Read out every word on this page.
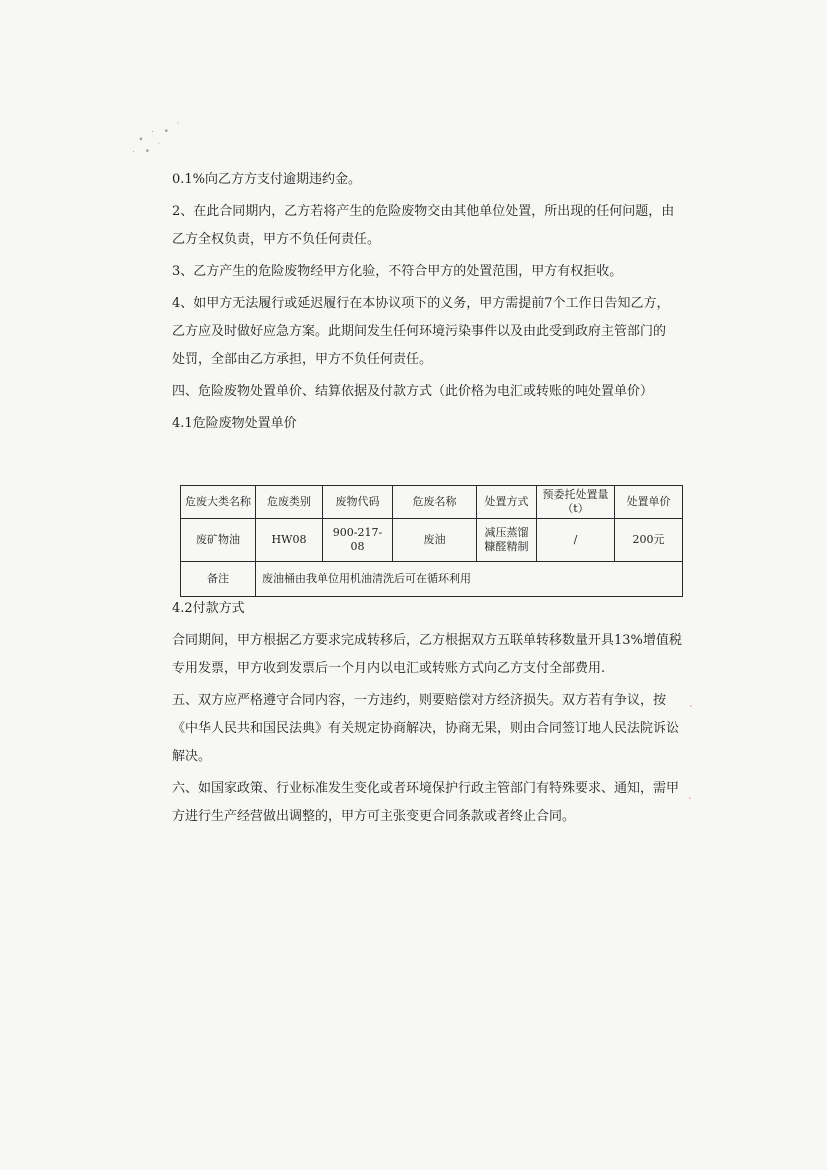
∙ ˙ ∙ ˙
˙ ∙ ˙

0.1%向乙方方支付逾期违约金。

2、在此合同期内，乙方若将产生的危险废物交由其他单位处置，所出现的任何问题，由乙方全权负责，甲方不负任何责任。

3、乙方产生的危险废物经甲方化验，不符合甲方的处置范围，甲方有权拒收。

4、如甲方无法履行或延迟履行在本协议项下的义务，甲方需提前7个工作日告知乙方，乙方应及时做好应急方案。此期间发生任何环境污染事件以及由此受到政府主管部门的处罚，全部由乙方承担，甲方不负任何责任。

四、危险废物处置单价、结算依据及付款方式（此价格为电汇或转账的吨处置单价）

4.1危险废物处置单价

危废大类名称	危废类别	废物代码	危废名称	处置方式	预委托处置量（t）	处置单价
废矿物油	HW08	900-217-08	废油	减压蒸馏糠醛精制	/	200元
备注	废油桶由我单位用机油清洗后可在循环利用					

4.2付款方式

合同期间，甲方根据乙方要求完成转移后，乙方根据双方五联单转移数量开具13%增值税专用发票，甲方收到发票后一个月内以电汇或转账方式向乙方支付全部费用.

五、双方应严格遵守合同内容，一方违约，则要赔偿对方经济损失。双方若有争议，按《中华人民共和国民法典》有关规定协商解决，协商无果，则由合同签订地人民法院诉讼解决。

六、如国家政策、行业标准发生变化或者环境保护行政主管部门有特殊要求、通知，需甲方进行生产经营做出调整的，甲方可主张变更合同条款或者终止合同。

ˊ
ˋ
